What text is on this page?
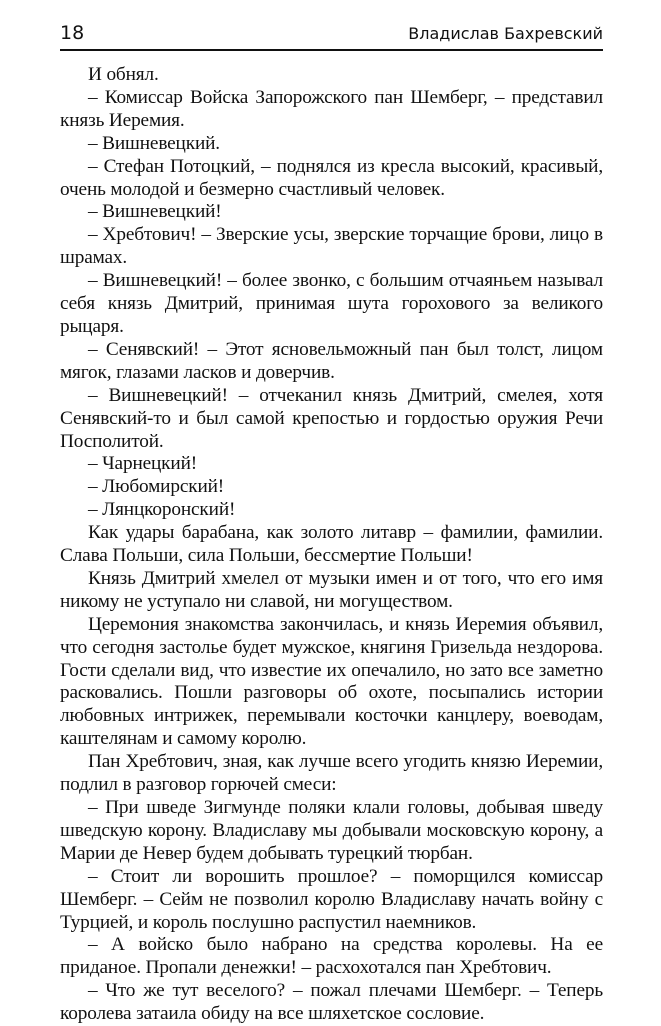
18	Владислав Бахревский

И обнял.

– Комиссар Войска Запорожского пан Шемберг, – представил князь Иеремия.

– Вишневецкий.

– Стефан Потоцкий, – поднялся из кресла высокий, красивый, очень молодой и безмерно счастливый человек.

– Вишневецкий!

– Хребтович! – Зверские усы, зверские торчащие брови, лицо в шрамах.

– Вишневецкий! – более звонко, с большим отчаяньем называл себя князь Дмитрий, принимая шута горохового за великого рыцаря.

– Сенявский! – Этот ясновельможный пан был толст, лицом мягок, глазами ласков и доверчив.

– Вишневецкий! – отчеканил князь Дмитрий, смелея, хотя Сенявский-то и был самой крепостью и гордостью оружия Речи Посполитой.

– Чарнецкий!

– Любомирский!

– Лянцкоронский!

Как удары барабана, как золото литавр – фамилии, фамилии. Слава Польши, сила Польши, бессмертие Польши!

Князь Дмитрий хмелел от музыки имен и от того, что его имя никому не уступало ни славой, ни могуществом.

Церемония знакомства закончилась, и князь Иеремия объявил, что сегодня застолье будет мужское, княгиня Гризельда нездорова. Гости сделали вид, что известие их опечалило, но зато все заметно расковались. Пошли разговоры об охоте, посыпались истории любовных интрижек, перемывали косточки канцлеру, воеводам, каштелянам и самому королю.

Пан Хребтович, зная, как лучше всего угодить князю Иеремии, подлил в разговор горючей смеси:

– При шведе Зигмунде поляки клали головы, добывая шведу шведскую корону. Владиславу мы добывали московскую корону, а Марии де Невер будем добывать турецкий тюрбан.

– Стоит ли ворошить прошлое? – поморщился комиссар Шемберг. – Сейм не позволил королю Владиславу начать войну с Турцией, и король послушно распустил наемников.

– А войско было набрано на средства королевы. На ее приданое. Пропали денежки! – расхохотался пан Хребтович.

– Что же тут веселого? – пожал плечами Шемберг. – Теперь королева затаила обиду на все шляхетское сословие.
